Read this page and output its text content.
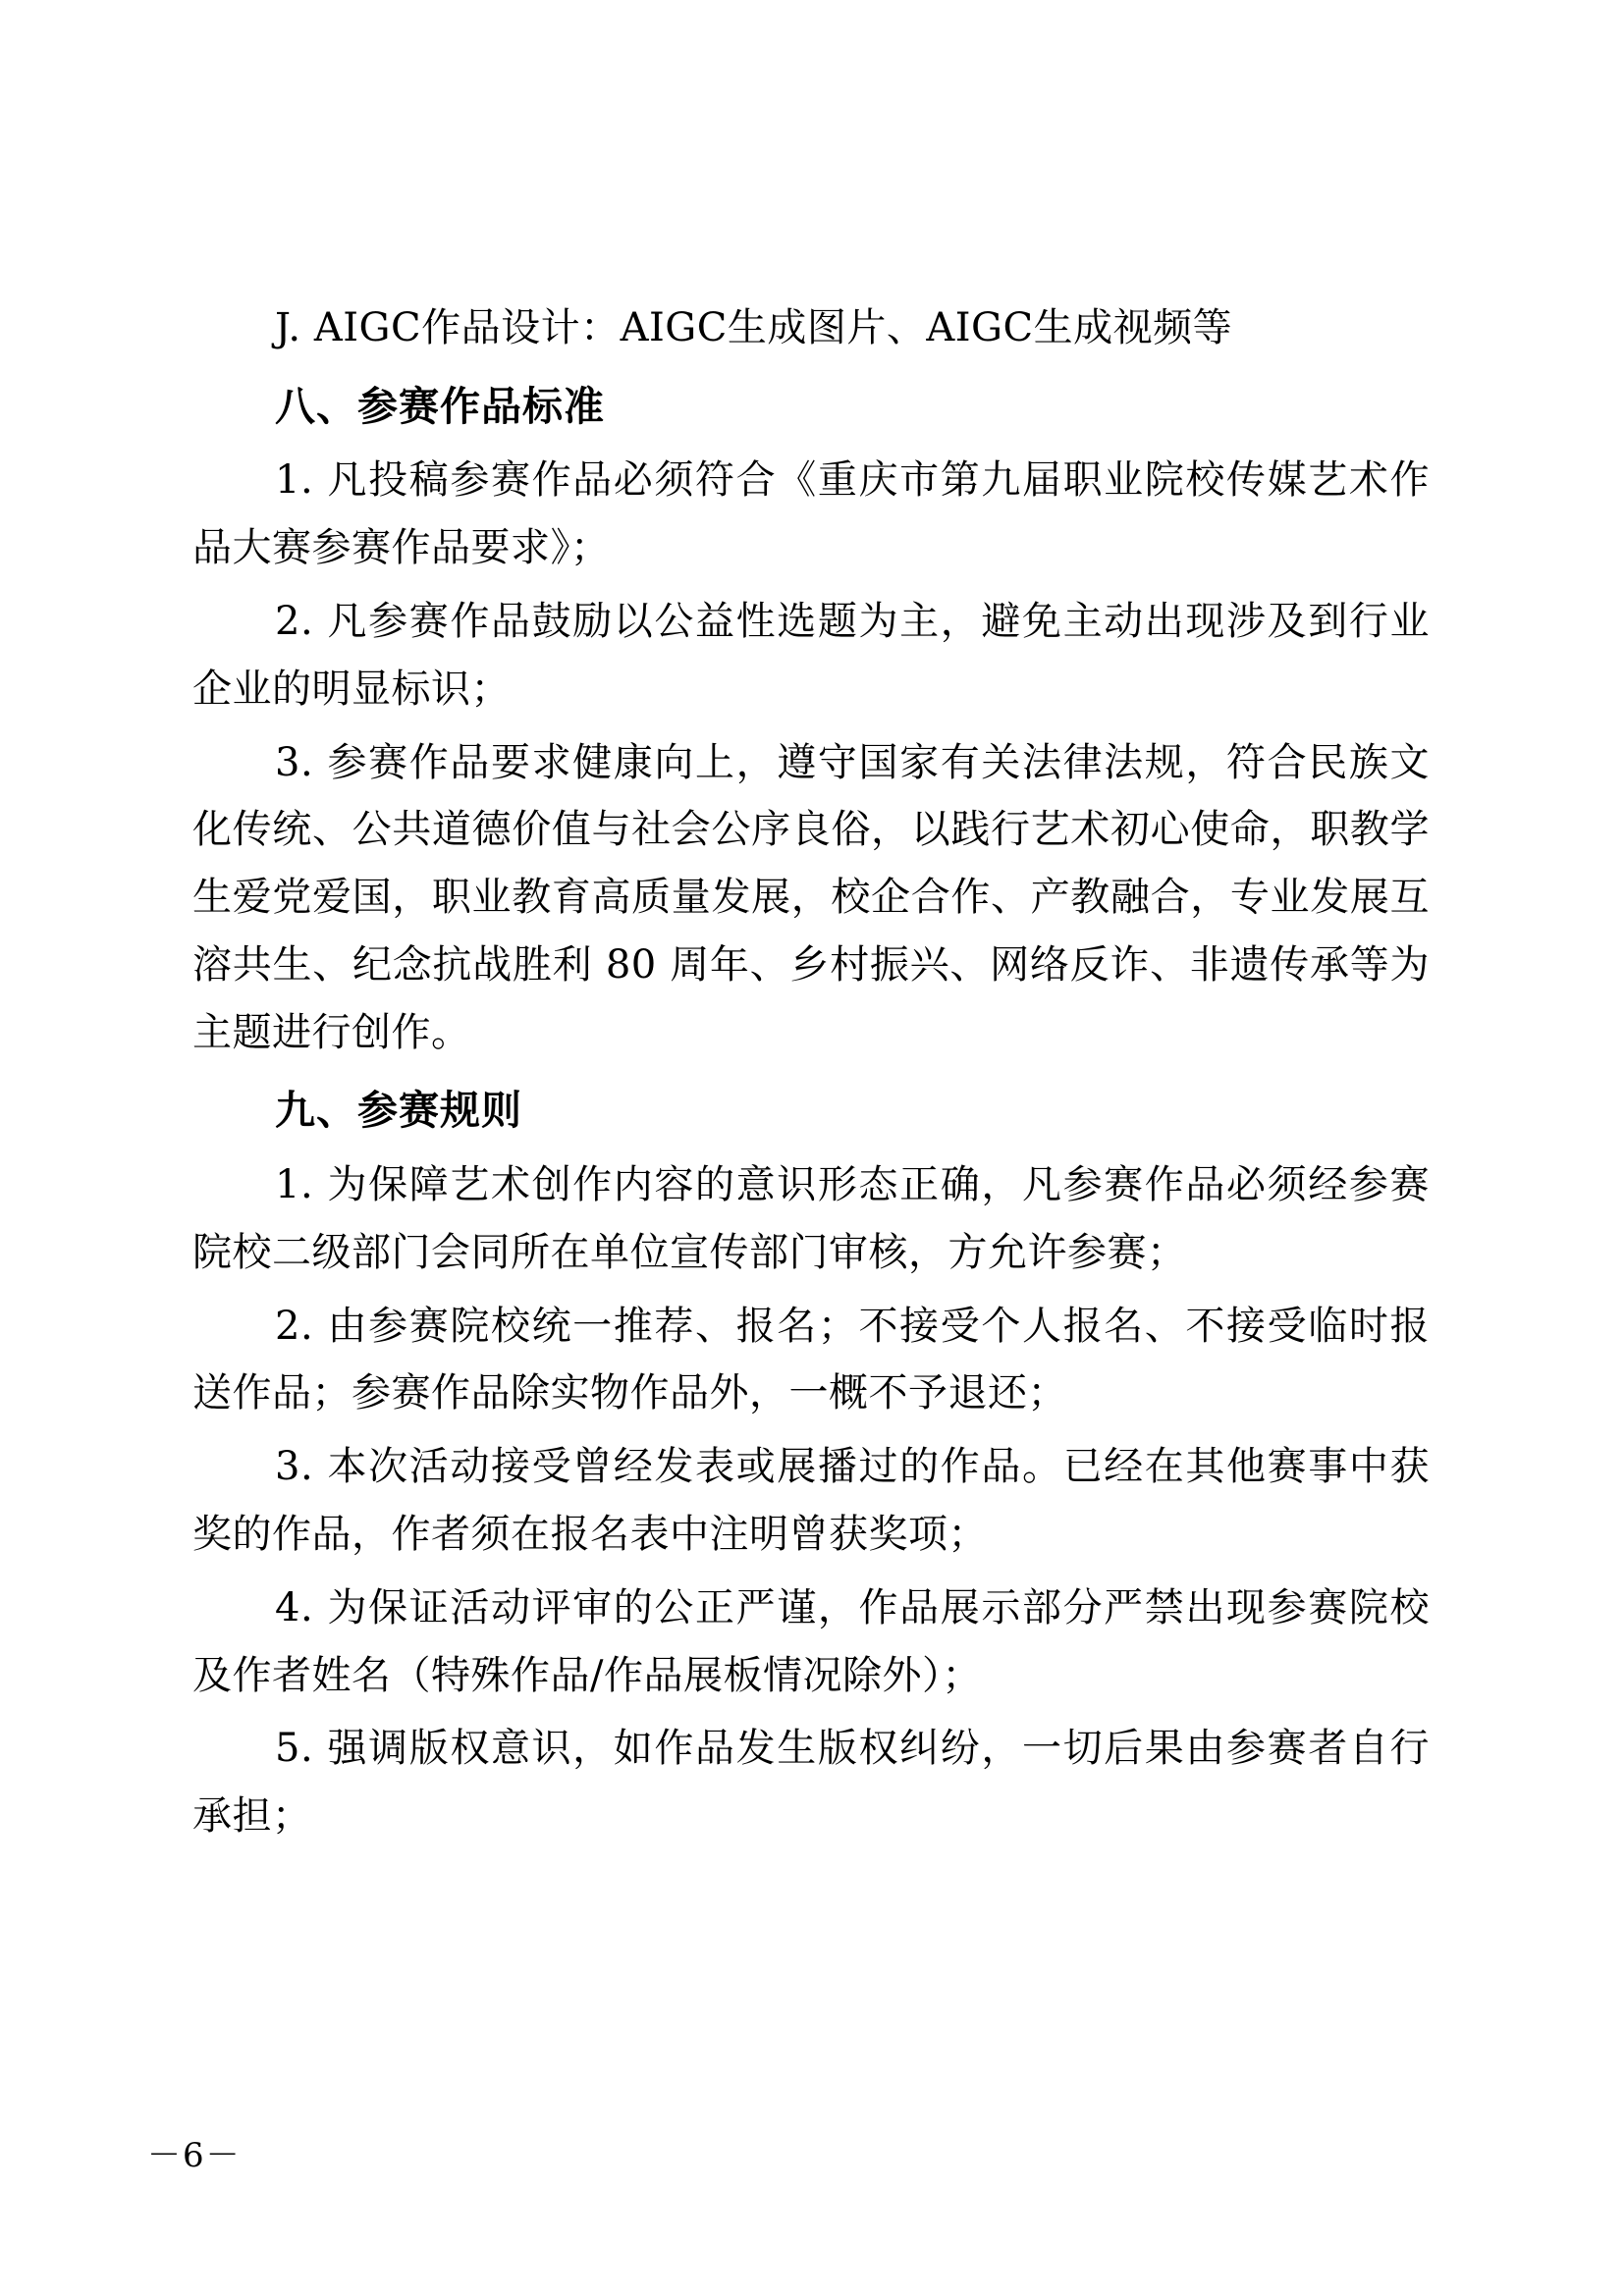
J. AIGC作品设计：AIGC生成图片、AIGC生成视频等

八、参赛作品标准

1. 凡投稿参赛作品必须符合《重庆市第九届职业院校传媒艺术作品大赛参赛作品要求》；

2. 凡参赛作品鼓励以公益性选题为主，避免主动出现涉及到行业企业的明显标识；

3. 参赛作品要求健康向上，遵守国家有关法律法规，符合民族文化传统、公共道德价值与社会公序良俗，以践行艺术初心使命，职教学生爱党爱国，职业教育高质量发展，校企合作、产教融合，专业发展互溶共生、纪念抗战胜利 80 周年、乡村振兴、网络反诈、非遗传承等为主题进行创作。

九、参赛规则

1. 为保障艺术创作内容的意识形态正确，凡参赛作品必须经参赛院校二级部门会同所在单位宣传部门审核，方允许参赛；

2. 由参赛院校统一推荐、报名；不接受个人报名、不接受临时报送作品；参赛作品除实物作品外，一概不予退还；

3. 本次活动接受曾经发表或展播过的作品。已经在其他赛事中获奖的作品，作者须在报名表中注明曾获奖项；

4. 为保证活动评审的公正严谨，作品展示部分严禁出现参赛院校及作者姓名（特殊作品/作品展板情况除外）；

5. 强调版权意识，如作品发生版权纠纷，一切后果由参赛者自行承担；

－6－
